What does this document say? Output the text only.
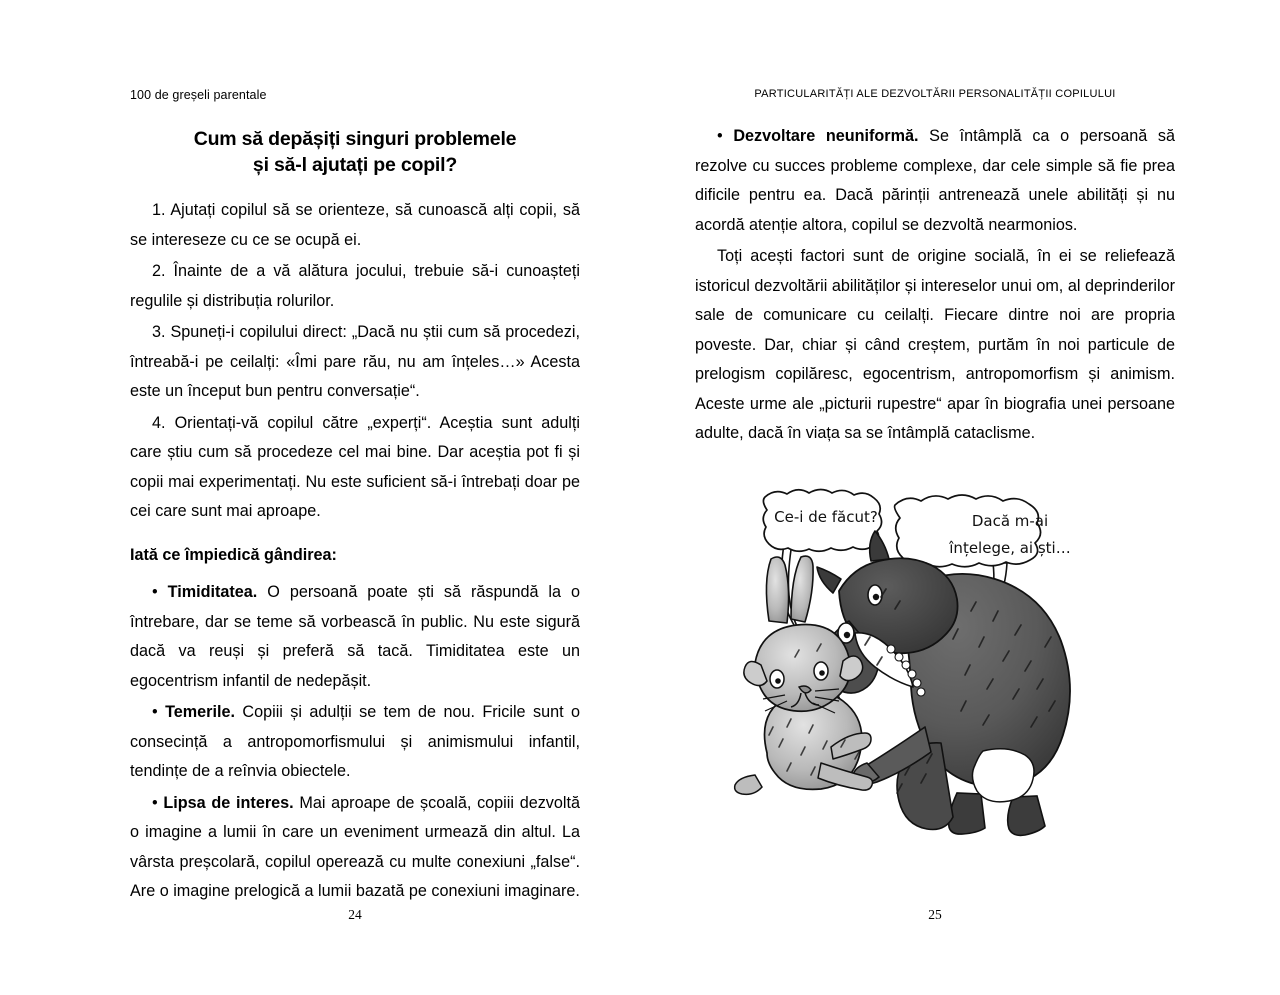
100 de greșeli parentale
Cum să depășiți singuri problemele
și să-l ajutați pe copil?

1. Ajutați copilul să se orienteze, să cunoască alți copii, să se intereseze cu ce se ocupă ei.

2. Înainte de a vă alătura jocului, trebuie să-i cunoașteți regulile și distribuția rolurilor.

3. Spuneți-i copilului direct: „Dacă nu știi cum să procedezi, întreabă-i pe ceilalți: «Îmi pare rău, nu am înțeles…» Acesta este un început bun pentru conversație“.

4. Orientați-vă copilul către „experți“. Aceștia sunt adulți care știu cum să procedeze cel mai bine. Dar aceștia pot fi și copii mai experimentați. Nu este suficient să-i întrebați doar pe cei care sunt mai aproape.

Iată ce împiedică gândirea:

• Timiditatea. O persoană poate ști să răspundă la o întrebare, dar se teme să vorbească în public. Nu este sigură dacă va reuși și preferă să tacă. Timiditatea este un egocentrism infantil de nedepășit.

• Temerile. Copiii și adulții se tem de nou. Fricile sunt o consecință a antropomorfismului și animismului infantil, tendințe de a reînvia obiectele.

• Lipsa de interes. Mai aproape de școală, copiii dezvoltă o imagine a lumii în care un eveniment urmează din altul. La vârsta preșcolară, copilul operează cu multe conexiuni „false“. Are o imagine prelogică a lumii bazată pe conexiuni imaginare.

24
PARTICULARITĂȚI ALE DEZVOLTĂRII PERSONALITĂȚII COPILULUI

• Dezvoltare neuniformă. Se întâmplă ca o persoană să rezolve cu succes probleme complexe, dar cele simple să fie prea dificile pentru ea. Dacă părinții antrenează unele abilități și nu acordă atenție altora, copilul se dezvoltă nearmonios.

Toți acești factori sunt de origine socială, în ei se reliefează istoricul dezvoltării abilităților și intereselor unui om, al deprinderilor sale de comunicare cu ceilalți. Fiecare dintre noi are propria poveste. Dar, chiar și când creștem, purtăm în noi particule de prelogism copilăresc, egocentrism, antropomorfism și animism. Aceste urme ale „picturii rupestre“ apar în biografia unei persoane adulte, dacă în viața sa se întâmplă cataclisme.

Ce-i de făcut?	Dacă m-ai
înțelege, ai ști…
25
